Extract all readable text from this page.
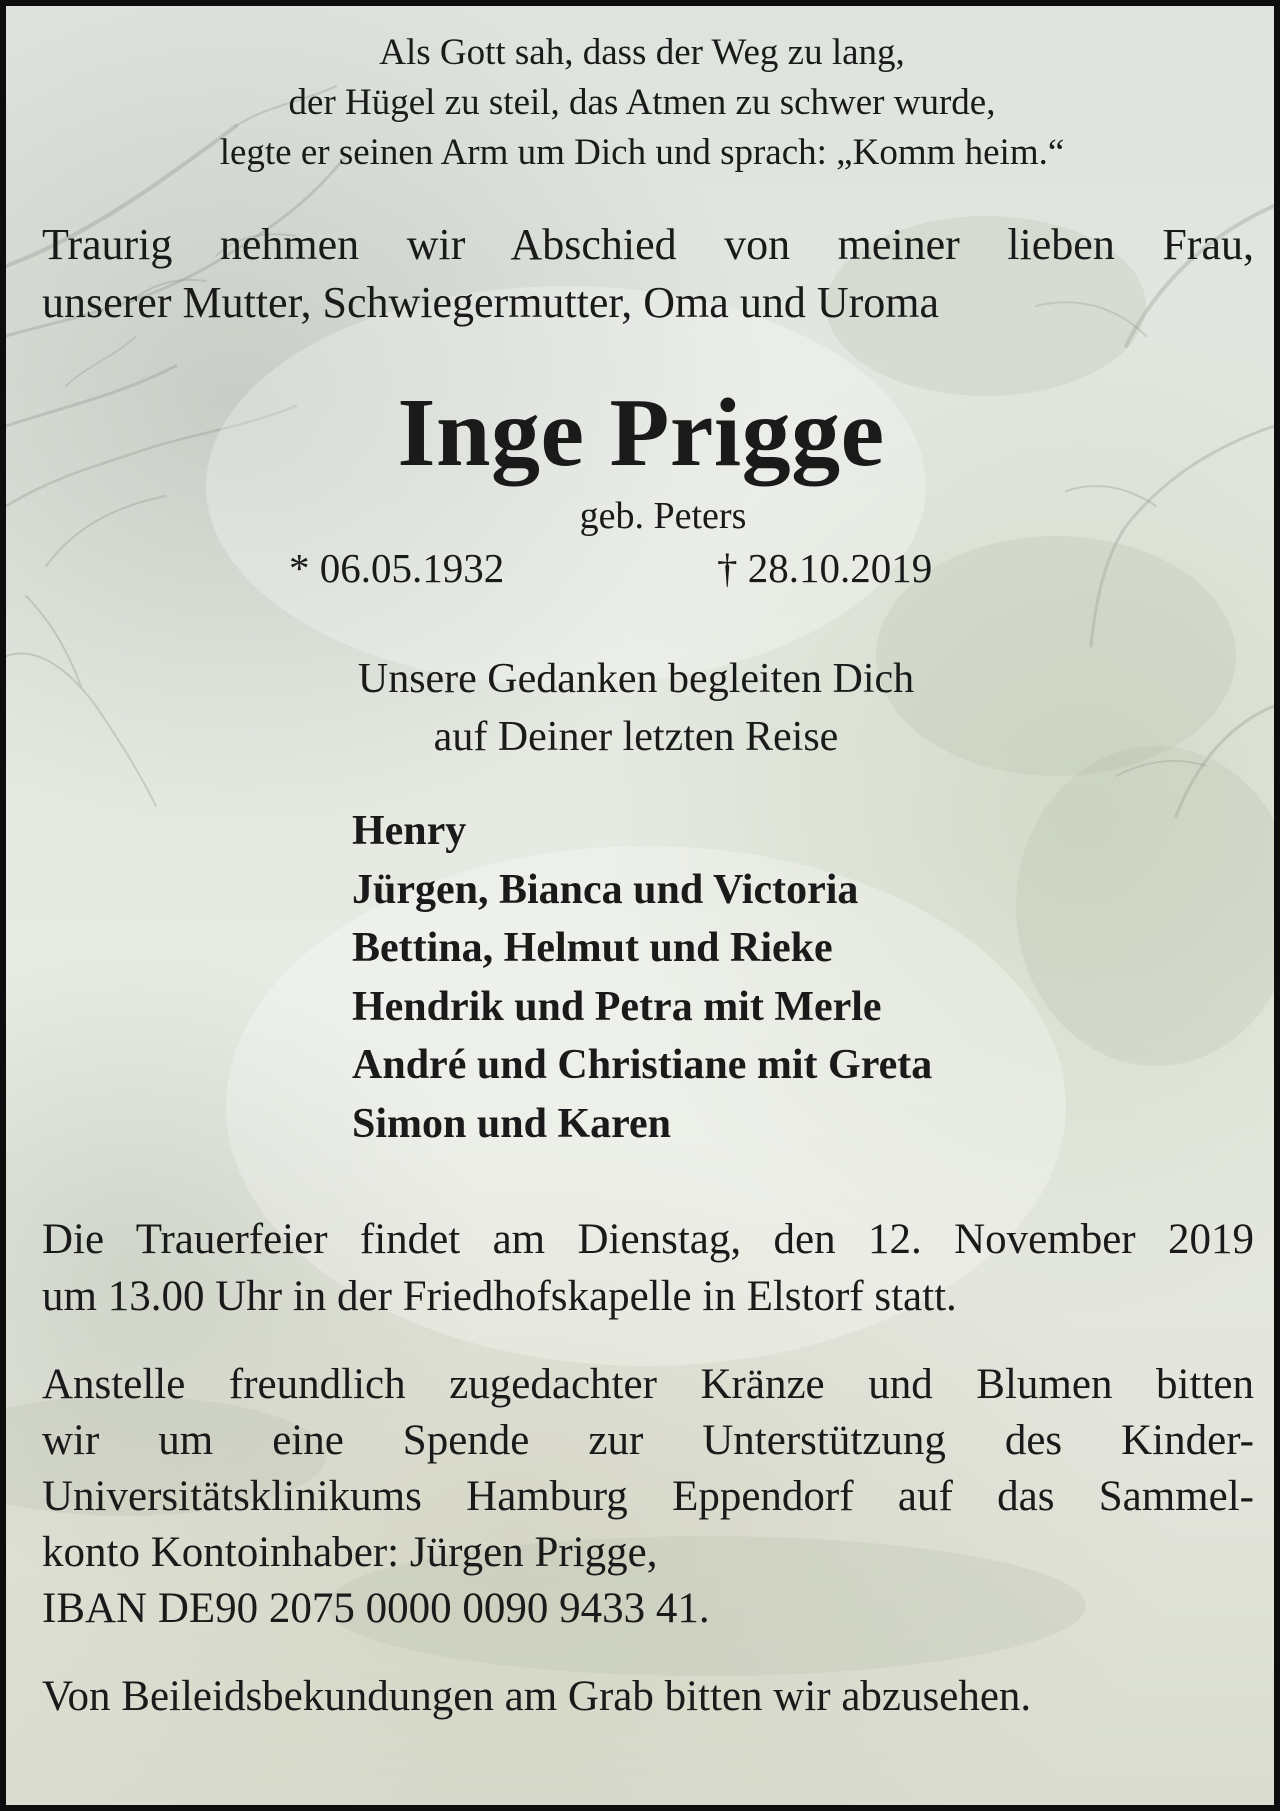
Als Gott sah, dass der Weg zu lang,
der Hügel zu steil, das Atmen zu schwer wurde,
legte er seinen Arm um Dich und sprach: „Komm heim.“
Traurig nehmen wir Abschied von meiner lieben Frau,
unserer Mutter, Schwiegermutter, Oma und Uroma
Inge Prigge
geb. Peters
* 06.05.1932	† 28.10.2019
Unsere Gedanken begleiten Dich
auf Deiner letzten Reise
Henry
Jürgen, Bianca und Victoria
Bettina, Helmut und Rieke
Hendrik und Petra mit Merle
André und Christiane mit Greta
Simon und Karen
Die Trauerfeier findet am Dienstag, den 12. November 2019
um 13.00 Uhr in der Friedhofskapelle in Elstorf statt.
Anstelle freundlich zugedachter Kränze und Blumen bitten
wir um eine Spende zur Unterstützung des Kinder-
Universitätsklinikums Hamburg Eppendorf auf das Sammel-
konto Kontoinhaber: Jürgen Prigge,
IBAN DE90 2075 0000 0090 9433 41.
Von Beileidsbekundungen am Grab bitten wir abzusehen.
